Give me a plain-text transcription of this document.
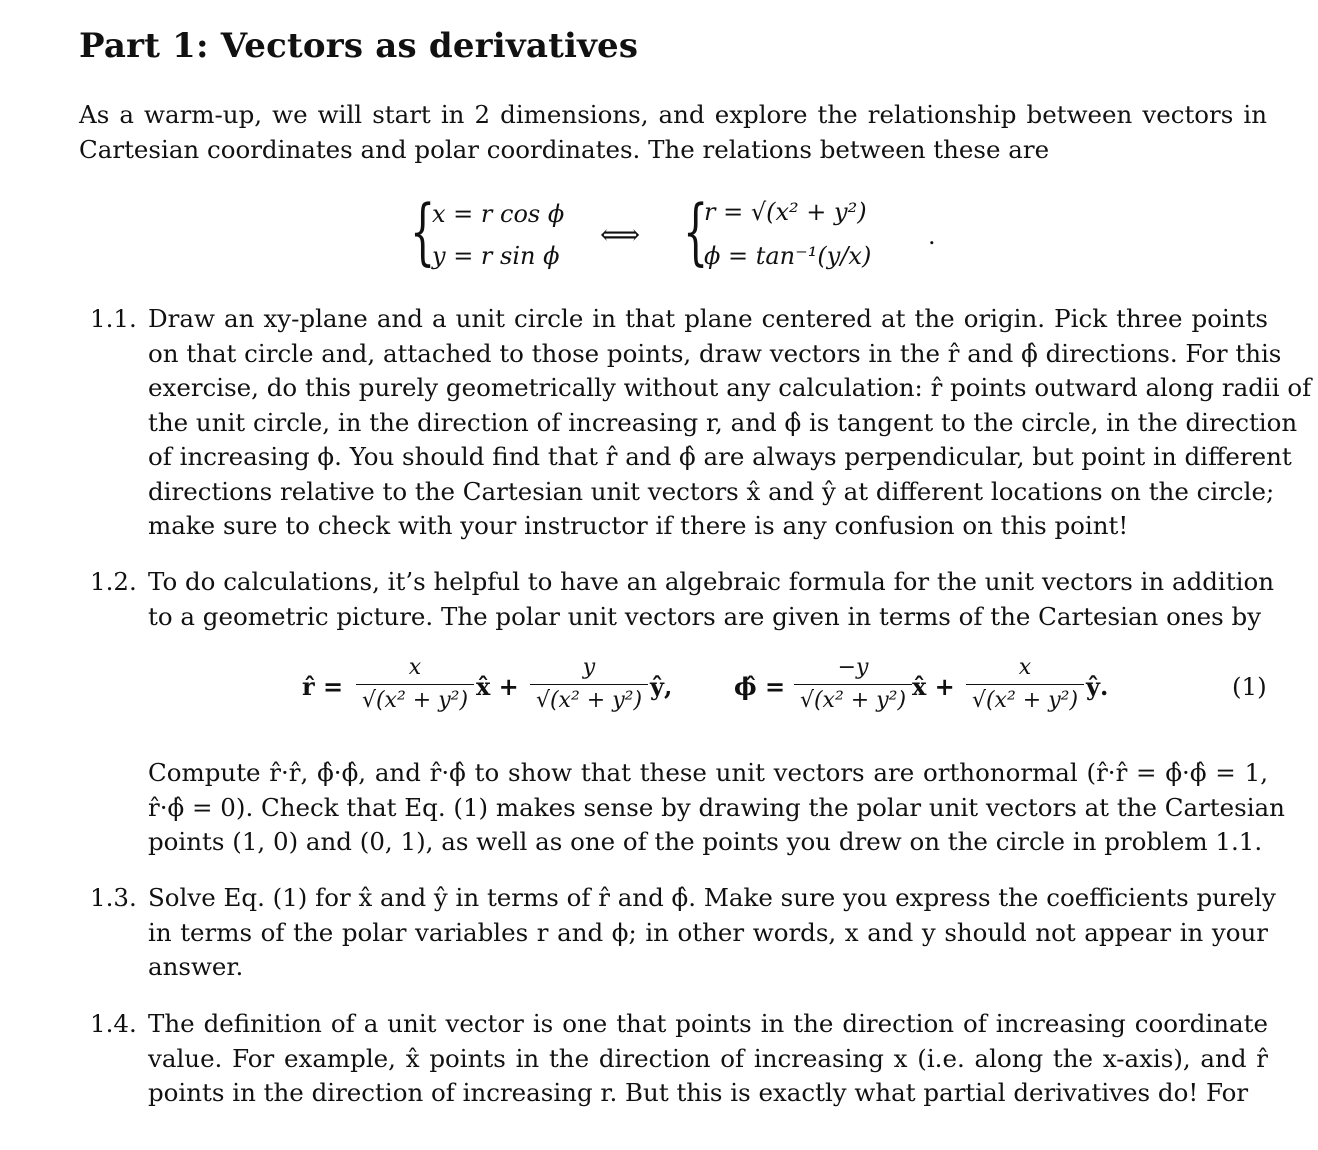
Part 1: Vectors as derivatives
As a warm-up, we will start in 2 dimensions, and explore the relationship between vectors in
Cartesian coordinates and polar coordinates. The relations between these are
{
x = r cos ϕ
y = r sin ϕ
⟺ {
r = √(x² + y²)
ϕ = tan⁻¹(y/x)
.
1.1. Draw an xy-plane and a unit circle in that plane centered at the origin. Pick three points
on that circle and, attached to those points, draw vectors in the r̂ and ϕ̂ directions. For this
exercise, do this purely geometrically without any calculation: r̂ points outward along radii of
the unit circle, in the direction of increasing r, and ϕ̂ is tangent to the circle, in the direction
of increasing ϕ. You should find that r̂ and ϕ̂ are always perpendicular, but point in different
directions relative to the Cartesian unit vectors x̂ and ŷ at different locations on the circle;
make sure to check with your instructor if there is any confusion on this point!
1.2. To do calculations, it’s helpful to have an algebraic formula for the unit vectors in addition
to a geometric picture. The polar unit vectors are given in terms of the Cartesian ones by
r̂ =
x
√(x² + y²) x̂ +
y
√(x² + y²) ŷ,	ϕ̂ =
−y
√(x² + y²) x̂ +
x
√(x² + y²) ŷ.	(1)
Compute r̂·r̂, ϕ̂·ϕ̂, and r̂·ϕ̂ to show that these unit vectors are orthonormal (r̂·r̂ = ϕ̂·ϕ̂ = 1,
r̂·ϕ̂ = 0). Check that Eq. (1) makes sense by drawing the polar unit vectors at the Cartesian
points (1, 0) and (0, 1), as well as one of the points you drew on the circle in problem 1.1.
1.3. Solve Eq. (1) for x̂ and ŷ in terms of r̂ and ϕ̂. Make sure you express the coefficients purely
in terms of the polar variables r and ϕ; in other words, x and y should not appear in your
answer.
1.4. The definition of a unit vector is one that points in the direction of increasing coordinate
value. For example, x̂ points in the direction of increasing x (i.e. along the x-axis), and r̂
points in the direction of increasing r. But this is exactly what partial derivatives do! For
